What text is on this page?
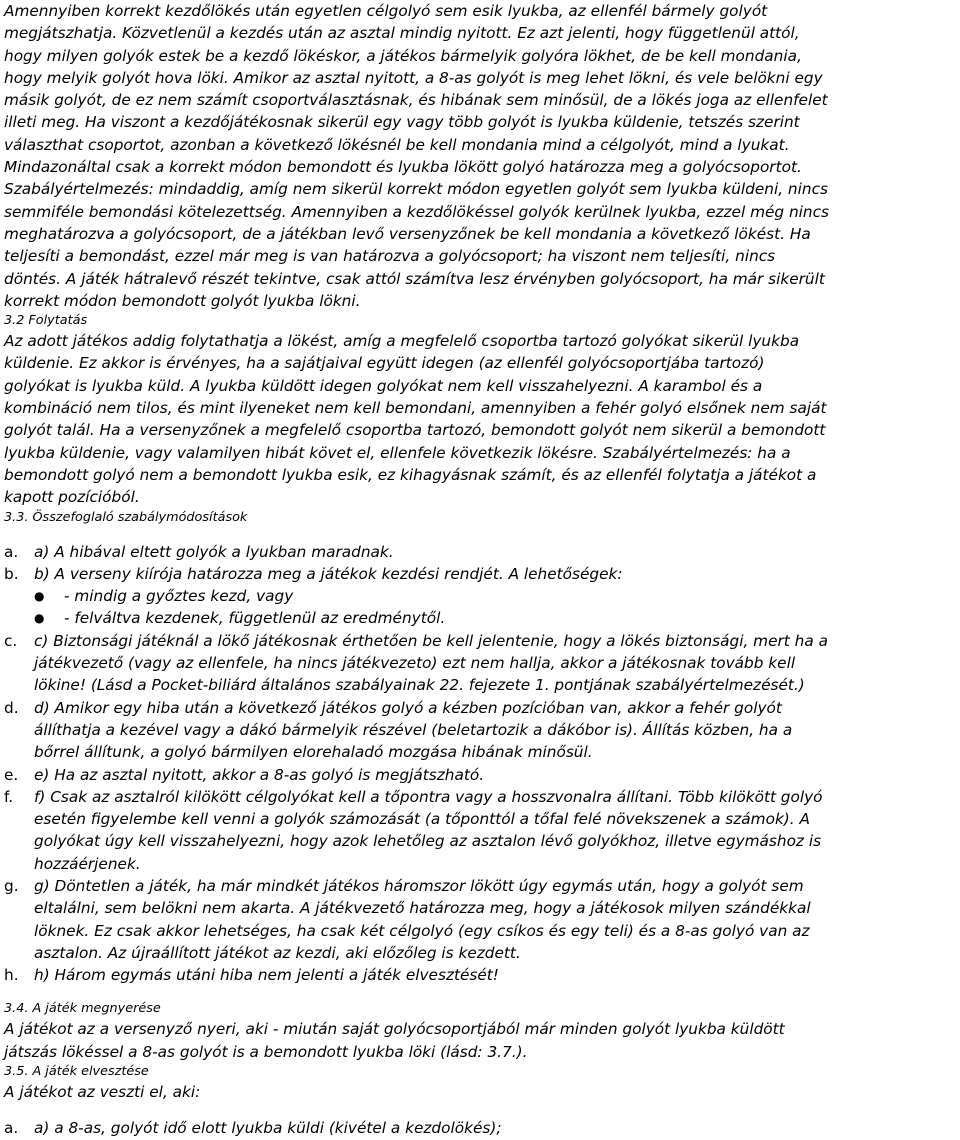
Amennyiben korrekt kezdőlökés után egyetlen célgolyó sem esik lyukba, az ellenfél bármely golyót

megjátszhatja. Közvetlenül a kezdés után az asztal mindig nyitott. Ez azt jelenti, hogy függetlenül attól,

hogy milyen golyók estek be a kezdő lökéskor, a játékos bármelyik golyóra lökhet, de be kell mondania,

hogy melyik golyót hova löki. Amikor az asztal nyitott, a 8-as golyót is meg lehet lökni, és vele belökni egy

másik golyót, de ez nem számít csoportválasztásnak, és hibának sem minősül, de a lökés joga az ellenfelet

illeti meg. Ha viszont a kezdőjátékosnak sikerül egy vagy több golyót is lyukba küldenie, tetszés szerint

választhat csoportot, azonban a következő lökésnél be kell mondania mind a célgolyót, mind a lyukat.

Mindazonáltal csak a korrekt módon bemondott és lyukba lökött golyó határozza meg a golyócsoportot.

Szabályértelmezés: mindaddig, amíg nem sikerül korrekt módon egyetlen golyót sem lyukba küldeni, nincs

semmiféle bemondási kötelezettség. Amennyiben a kezdőlökéssel golyók kerülnek lyukba, ezzel még nincs

meghatározva a golyócsoport, de a játékban levő versenyzőnek be kell mondania a következő lökést. Ha

teljesíti a bemondást, ezzel már meg is van határozva a golyócsoport; ha viszont nem teljesíti, nincs

döntés. A játék hátralevő részét tekintve, csak attól számítva lesz érvényben golyócsoport, ha már sikerült

korrekt módon bemondott golyót lyukba lökni.

3.2 Folytatás

Az adott játékos addig folytathatja a lökést, amíg a megfelelő csoportba tartozó golyókat sikerül lyukba

küldenie. Ez akkor is érvényes, ha a sajátjaival együtt idegen (az ellenfél golyócsoportjába tartozó)

golyókat is lyukba küld. A lyukba küldött idegen golyókat nem kell visszahelyezni. A karambol és a

kombináció nem tilos, és mint ilyeneket nem kell bemondani, amennyiben a fehér golyó elsőnek nem saját

golyót talál. Ha a versenyzőnek a megfelelő csoportba tartozó, bemondott golyót nem sikerül a bemondott

lyukba küldenie, vagy valamilyen hibát követ el, ellenfele következik lökésre. Szabályértelmezés: ha a

bemondott golyó nem a bemondott lyukba esik, ez kihagyásnak számít, és az ellenfél folytatja a játékot a

kapott pozícióból.

3.3. Összefoglaló szabálymódosítások

a. a) A hibával eltett golyók a lyukban maradnak.

b. b) A verseny kiírója határozza meg a játékok kezdési rendjét. A lehetőségek:

● - mindig a győztes kezd, vagy

● - felváltva kezdenek, függetlenül az eredménytől.

c. c) Biztonsági játéknál a lökő játékosnak érthetően be kell jelentenie, hogy a lökés biztonsági, mert ha a

játékvezető (vagy az ellenfele, ha nincs játékvezeto) ezt nem hallja, akkor a játékosnak tovább kell

lökine! (Lásd a Pocket-biliárd általános szabályainak 22. fejezete 1. pontjának szabályértelmezését.)

d. d) Amikor egy hiba után a következő játékos golyó a kézben pozícióban van, akkor a fehér golyót

állíthatja a kezével vagy a dákó bármelyik részével (beletartozik a dákóbor is). Állítás közben, ha a

bőrrel állítunk, a golyó bármilyen elorehaladó mozgása hibának minősül.

e. e) Ha az asztal nyitott, akkor a 8-as golyó is megjátszható.

f. f) Csak az asztalról kilökött célgolyókat kell a tőpontra vagy a hosszvonalra állítani. Több kilökött golyó

esetén figyelembe kell venni a golyók számozását (a tőponttól a tőfal felé növekszenek a számok). A

golyókat úgy kell visszahelyezni, hogy azok lehetőleg az asztalon lévő golyókhoz, illetve egymáshoz is

hozzáérjenek.

g. g) Döntetlen a játék, ha már mindkét játékos háromszor lökött úgy egymás után, hogy a golyót sem

eltalálni, sem belökni nem akarta. A játékvezető határozza meg, hogy a játékosok milyen szándékkal

löknek. Ez csak akkor lehetséges, ha csak két célgolyó (egy csíkos és egy teli) és a 8-as golyó van az

asztalon. Az újraállított játékot az kezdi, aki előzőleg is kezdett.

h. h) Három egymás utáni hiba nem jelenti a játék elvesztését!

3.4. A játék megnyerése

A játékot az a versenyző nyeri, aki - miután saját golyócsoportjából már minden golyót lyukba küldött

játszás lökéssel a 8-as golyót is a bemondott lyukba löki (lásd: 3.7.).

3.5. A játék elvesztése

A játékot az veszti el, aki:

a. a) a 8-as, golyót idő elott lyukba küldi (kivétel a kezdolökés);
